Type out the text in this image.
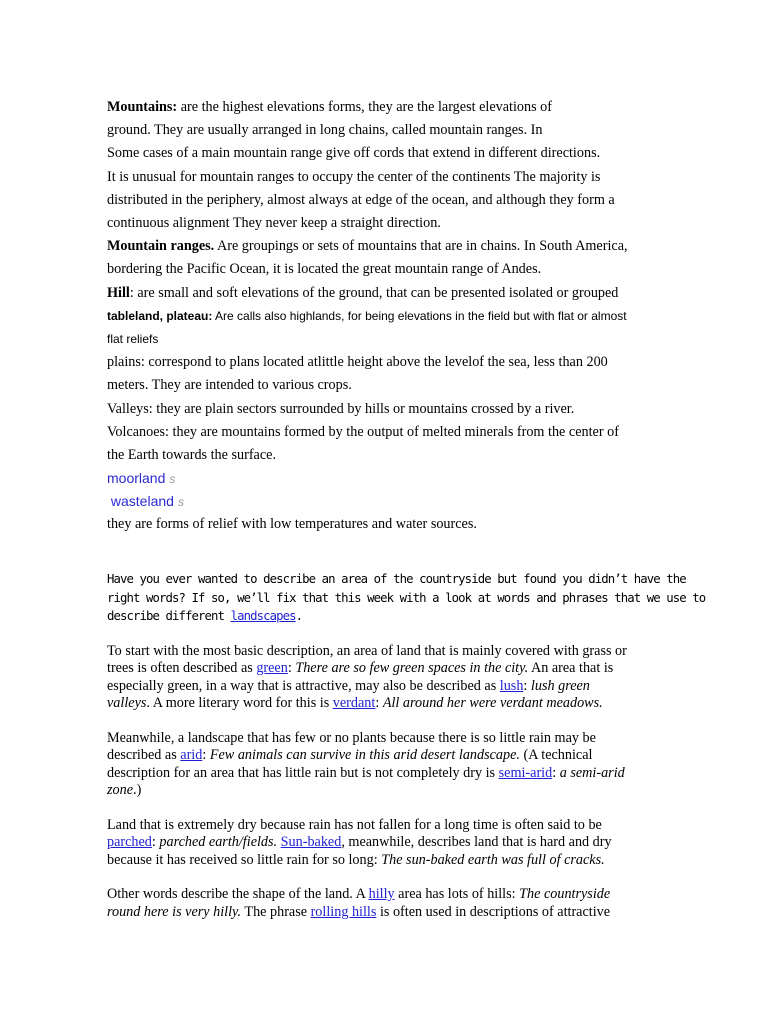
Mountains: are the highest elevations forms, they are the largest elevations of

ground. They are usually arranged in long chains, called mountain ranges. In

Some cases of a main mountain range give off cords that extend in different directions.

It is unusual for mountain ranges to occupy the center of the continents The majority is

distributed in the periphery, almost always at edge of the ocean, and although they form a

continuous alignment They never keep a straight direction.

Mountain ranges. Are groupings or sets of mountains that are in chains. In South America,

bordering the Pacific Ocean, it is located the great mountain range of Andes.

Hill: are small and soft elevations of the ground, that can be presented isolated or grouped

tableland, plateau: Are calls also highlands, for being elevations in the field but with flat or almost

flat reliefs

plains: correspond to plans located atlittle height above the levelof the sea, less than 200

meters. They are intended to various crops.

Valleys: they are plain sectors surrounded by hills or mountains crossed by a river.

Volcanoes: they are mountains formed by the output of melted minerals from the center of

the Earth towards the surface.

moorland s

wasteland s

they are forms of relief with low temperatures and water sources.

Have you ever wanted to describe an area of the countryside but found you didn’t have the
right words? If so, we’ll fix that this week with a look at words and phrases that we use to
describe different landscapes.

To start with the most basic description, an area of land that is mainly covered with grass or
trees is often described as green: There are so few green spaces in the city. An area that is
especially green, in a way that is attractive, may also be described as lush: lush green
valleys. A more literary word for this is verdant: All around her were verdant meadows.

Meanwhile, a landscape that has few or no plants because there is so little rain may be
described as arid: Few animals can survive in this arid desert landscape. (A technical
description for an area that has little rain but is not completely dry is semi-arid: a semi-arid
zone.)

Land that is extremely dry because rain has not fallen for a long time is often said to be
parched: parched earth/fields. Sun-baked, meanwhile, describes land that is hard and dry
because it has received so little rain for so long: The sun-baked earth was full of cracks.

Other words describe the shape of the land. A hilly area has lots of hills: The countryside
round here is very hilly. The phrase rolling hills is often used in descriptions of attractive
